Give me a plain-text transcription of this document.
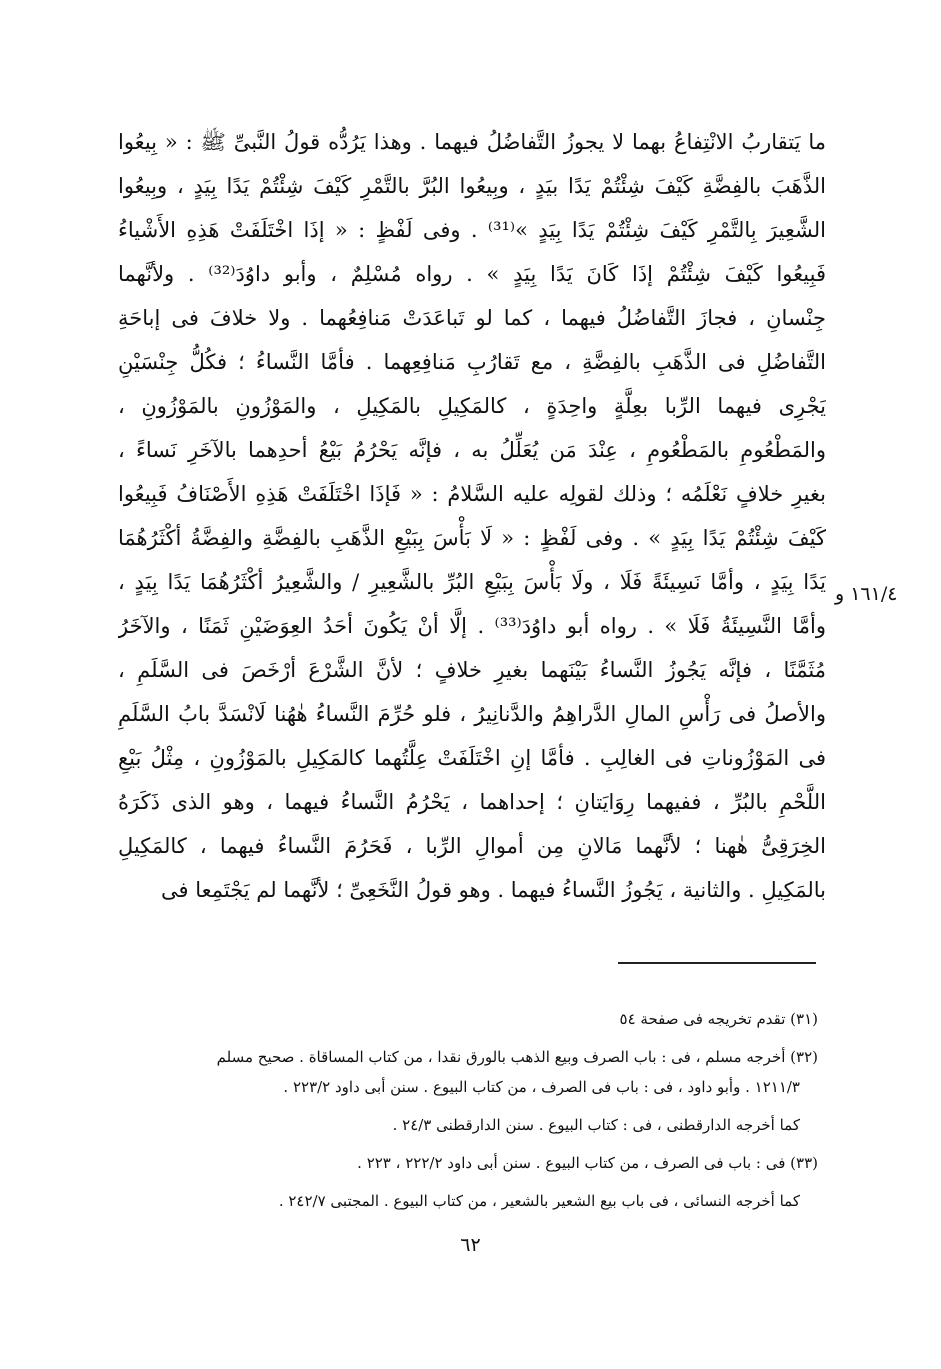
ما يَتقاربُ الانْتِفاعُ بهما لا يجوزُ التَّفاضُلُ فيهما . وهذا يَرُدُّه قولُ النَّبىِّ ﷺ : « بِيعُوا
الذَّهَبَ بالفِضَّةِ كَيْفَ شِئْتُمْ يَدًا بيَدٍ ، وبِيعُوا البُرَّ بالتَّمْرِ كَيْفَ شِئْتُمْ يَدًا بِيَدٍ ، وبِيعُوا
الشَّعِيرَ بِالتَّمْرِ كَيْفَ شِئْتُمْ يَدًا بِيَدٍ »⁽³¹⁾ . وفى لَفْظٍ : « إذَا اخْتَلَفَتْ هَذِهِ الأَشْياءُ
فَبِيعُوا كَيْفَ شِئْتُمْ إذَا كَانَ يَدًا بِيَدٍ » . رواه مُسْلِمٌ ، وأبو داوُدَ⁽³²⁾ . ولأنَّهما
جِنْسانِ ، فجازَ التَّفاضُلُ فيهما ، كما لو تَباعَدَتْ مَنافِعُهما . ولا خلافَ فى إباحَةِ
التَّفاضُلِ فى الذَّهَبِ بالفِضَّةِ ، مع تَقارُبِ مَنافِعِهما . فأمَّا النَّساءُ ؛ فكُلُّ جِنْسَيْنِ
يَجْرِى فيهما الرِّبا بعِلَّةٍ واحِدَةٍ ، كالمَكِيلِ بالمَكِيلِ ، والمَوْزُونِ بالمَوْزُونِ ،
والمَطْعُومِ بالمَطْعُومِ ، عِنْدَ مَن يُعَلِّلُ به ، فإنَّه يَحْرُمُ بَيْعُ أحدِهما بالآخَرِ نَساءً ،
بغيرِ خلافٍ نَعْلَمُه ؛ وذلك لقولِه عليه السَّلامُ : « فَإذَا اخْتَلَفَتْ هَذِهِ الأَصْنَافُ فَبِيعُوا
كَيْفَ شِئْتُمْ يَدًا بِيَدٍ » . وفى لَفْظٍ : « لَا بَأْسَ بِبَيْعِ الذَّهَبِ بالفِضَّةِ والفِضَّةُ أكْثَرُهُمَا
يَدًا بِيَدٍ ، وأمَّا نَسِيئَةً فَلَا ، ولَا بَأْسَ بِبَيْعِ البُرِّ بالشَّعِيرِ / والشَّعِيرُ أكْثَرُهُمَا يَدًا بِيَدٍ ،
وأمَّا النَّسِيئَةُ فَلَا » . رواه أبو داوُدَ⁽³³⁾ . إلَّا أنْ يَكُونَ أحَدُ العِوَضَيْنِ ثَمَنًا ، والآخَرُ
مُثَمَّنًا ، فإنَّه يَجُوزُ النَّساءُ بَيْنَهما بغيرِ خلافٍ ؛ لأنَّ الشَّرْعَ أرْخَصَ فى السَّلَمِ ،
والأصلُ فى رَأْسِ المالِ الدَّراهِمُ والدَّنانِيرُ ، فلو حُرِّمَ النَّساءُ هٰهُنا لَانْسَدَّ بابُ السَّلَمِ
فى المَوْزُوناتِ فى الغالِبِ . فأمَّا إنِ اخْتَلَفَتْ عِلَّتُهما كالمَكِيلِ بالمَوْزُونِ ، مِثْلُ بَيْعِ
اللَّحْمِ بالبُرِّ ، ففيهما رِوَايَتانِ ؛ إحداهما ، يَحْرُمُ النَّساءُ فيهما ، وهو الذى ذَكَرَهُ
الخِرَقِىُّ هٰهنا ؛ لأنَّهما مَالانِ مِن أموالِ الرِّبا ، فَحَرُمَ النَّساءُ فيهما ، كالمَكِيلِ
بالمَكِيلِ . والثانية ، يَجُوزُ النَّساءُ فيهما . وهو قولُ النَّخَعِىِّ ؛ لأنَّهما لم يَجْتَمِعا فى
١٦١/٤ و
(٣١) تقدم تخريجه فى صفحة ٥٤
(٣٢) أخرجه مسلم ، فى : باب الصرف وبيع الذهب بالورق نقدا ، من كتاب المساقاة . صحيح مسلم
١٢١١/٣ . وأبو داود ، فى : باب فى الصرف ، من كتاب البيوع . سنن أبى داود ٢٢٣/٢ .
كما أخرجه الدارقطنى ، فى : كتاب البيوع . سنن الدارقطنى ٢٤/٣ .
(٣٣) فى : باب فى الصرف ، من كتاب البيوع . سنن أبى داود ٢٢٢/٢ ، ٢٢٣ .
كما أخرجه النسائى ، فى باب بيع الشعير بالشعير ، من كتاب البيوع . المجتبى ٢٤٢/٧ .
٦٢
